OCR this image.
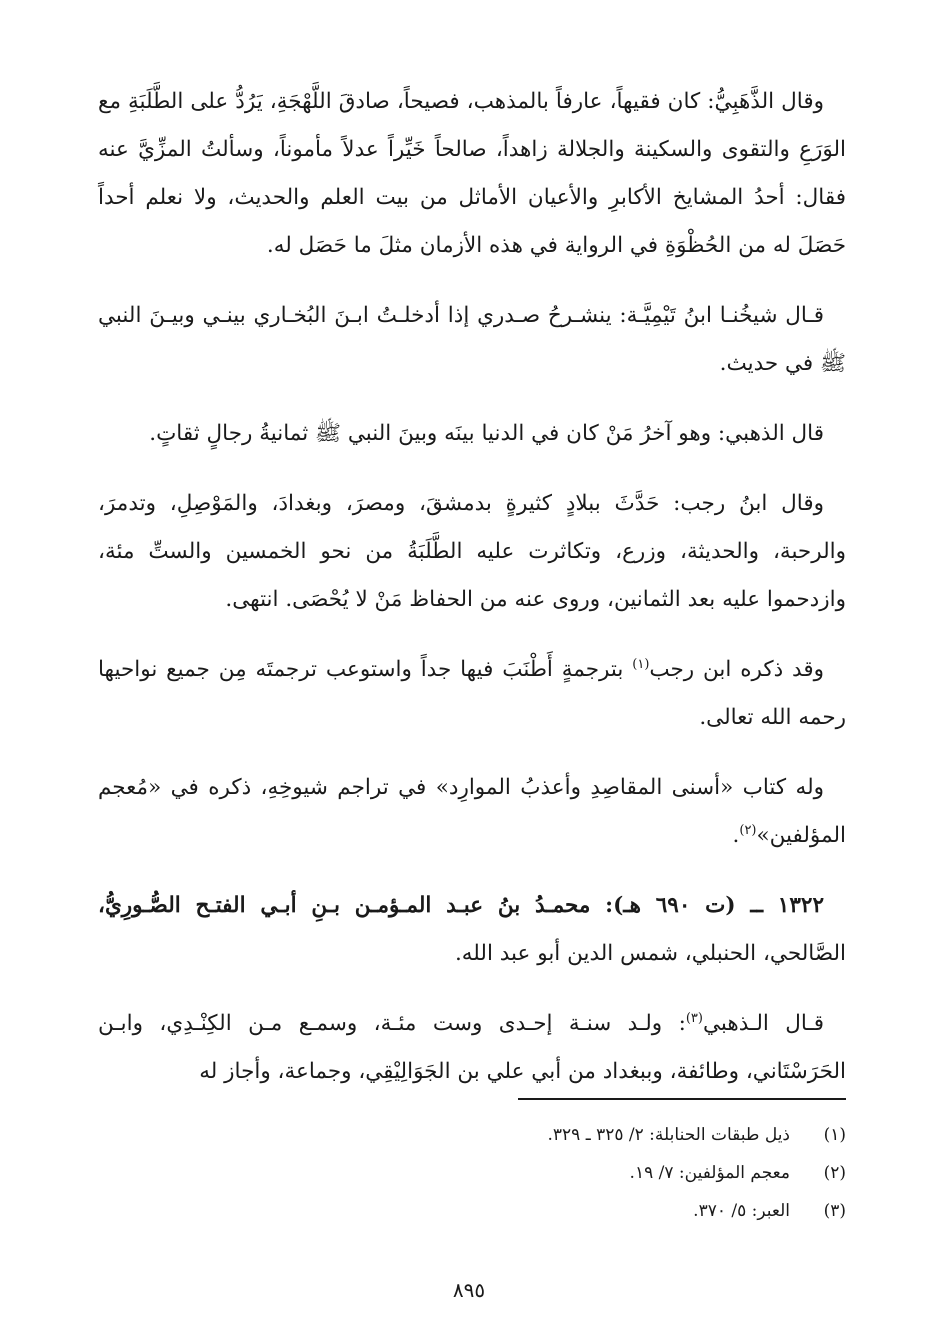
وقال الذَّهَبِيُّ: كان فقيهاً، عارفاً بالمذهب، فصيحاً، صادقَ اللَّهْجَةِ، يَرُدُّ على الطَّلَبَةِ مع الوَرَعِ والتقوى والسكينة والجلالة زاهداً، صالحاً خَيِّراً عدلاً مأموناً، وسألتُ المزِّيَّ عنه فقال: أحدُ المشايخ الأكابرِ والأعيان الأماثل من بيت العلم والحديث، ولا نعلم أحداً حَصَلَ له من الحُظْوَةِ في الرواية في هذه الأزمان مثلَ ما حَصَل له.

قـال شيخُنـا ابنُ تَيْمِيَّـة: ينشـرحُ صـدري إذا أدخلـتُ ابـنَ البُخـاري بينـي وبيـنَ النبي ﷺ في حديث.

قال الذهبي: وهو آخرُ مَنْ كان في الدنيا بينَه وبينَ النبي ﷺ ثمانيةُ رجالٍ ثقاتٍ.

وقال ابنُ رجب: حَدَّثَ ببلادٍ كثيرةٍ بدمشقَ، ومصرَ، وبغدادَ، والمَوْصِلِ، وتدمرَ، والرحبة، والحديثة، وزرع، وتكاثرت عليه الطَّلَبَةُ من نحو الخمسين والستِّ مئة، وازدحموا عليه بعد الثمانين، وروى عنه من الحفاظ مَنْ لا يُحْصَى. انتهى.

وقد ذكره ابن رجب$^{(١)}$ بترجمةٍ أَطْنَبَ فيها جداً واستوعب ترجمتَه مِن جميع نواحيها رحمه الله تعالى.

وله كتاب «أسنى المقاصِدِ وأعذبُ الموارِد» في تراجم شيوخِهِ، ذكره في «مُعجم المؤلفين»$^{(٢)}$.

١٣٢٢ ــ (ت ٦٩٠ هـ): محمـدُ بنُ عبـد المـؤمـن بـنِ أبـي الفتـح الصُّـورِيُّ، الصَّالحي، الحنبلي، شمس الدين أبو عبد الله.

قـال الـذهبي$^{(٣)}$: ولـد سنـة إحـدى وست مئـة، وسمـع مـن الكِنْـدِي، وابـن الحَرَسْتَاني، وطائفة، وببغداد من أبي علي بن الجَوَالِيْقِي، وجماعة، وأجاز له

(١)
ذيل طبقات الحنابلة: ٢/ ٣٢٥ ـ ٣٢٩.
(٢)
معجم المؤلفين: ٧/ ١٩.
(٣)
العبر: ٥/ ٣٧٠.
٨٩٥
